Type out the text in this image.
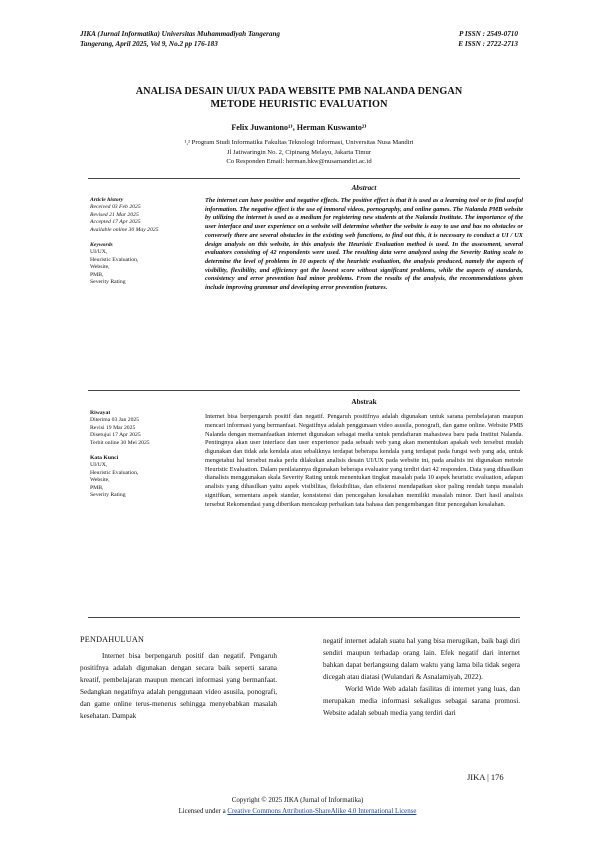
JIKA (Jurnal Informatika) Universitas Muhammadiyah Tangerang	P ISSN : 2549-0710
Tangerang, April 2025, Vol 9, No.2 pp 176-183	E ISSN : 2722-2713
ANALISA DESAIN UI/UX PADA WEBSITE PMB NALANDA DENGAN
METODE HEURISTIC EVALUATION
Felix Juwantono¹⁾, Herman Kuswanto²⁾
¹,² Program Studi Informatika Fakultas Teknologi Informasi, Universitas Nusa Mandiri
Jl Jatiwaringin No. 2, Cipinang Melayu, Jakarta Timur
Co Responden Email: herman.hkw@nusamandiri.ac.id
Abstract
Article history
Received 03 Feb 2025
Revised 21 Mar 2025
Accepted 17 Apr 2025
Available online 30 May 2025
Keywords
UI/UX,
Heuristic Evaluation,
Website,
PMB,
Severity Rating
The internet can have positive and negative effects. The positive effect is that it is used as a learning tool or to find useful information. The negative effect is the use of immoral videos, pornography, and online games. The Nalanda PMB website by utilizing the internet is used as a medium for registering new students at the Nalanda Institute. The importance of the user interface and user experience on a website will determine whether the website is easy to use and has no obstacles or conversely there are several obstacles in the existing web functions, to find out this, it is necessary to conduct a UI / UX design analysis on this website, in this analysis the Heuristic Evaluation method is used. In the assessment, several evaluators consisting of 42 respondents were used. The resulting data were analyzed using the Severity Rating scale to determine the level of problems in 10 aspects of the heuristic evaluation, the analysis produced, namely the aspects of visibility, flexibility, and efficiency got the lowest score without significant problems, while the aspects of standards, consistency and error prevention had minor problems. From the results of the analysis, the recommendations given include improving grammar and developing error prevention features.
Abstrak
Riwayat
Diterima 03 Jan 2025
Revisi 19 Mar 2025
Disetujui 17 Apr 2025
Terbit online 30 Mei 2025
Kata Kunci
UI/UX,
Heuristic Evaluation,
Website,
PMB,
Severity Rating
Internet bisa berpengaruh positif dan negatif. Pengaruh positifnya adalah digunakan untuk sarana pembelajaran maupun mencari informasi yang bermanfaat. Negatifnya adalah penggunaan video asusila, ponografi, dan game online. Website PMB Nalanda dengan memanfaatkan internet digunakan sebagai media untuk pendaftaran mahasiswa baru pada Institut Nalanda. Pentingnya akan user interface dan user experience pada sebuah web yang akan menentukan apakah web tersebut mudah digunakan dan tidak ada kendala atau sebaliknya terdapat beberapa kendala yang terdapat pada fungsi web yang ada, untuk mengetahui hal tersebut maka perlu dilakukan analisis desain UI/UX pada website ini, pada analisis ini digunakan metode Heuristic Evaluation. Dalam penilaiannya digunakan beberapa evaluator yang terdiri dari 42 responden. Data yang dihasilkan dianalisis menggunakan skala Severity Rating untuk menentukan tingkat masalah pada 10 aspek heuristic evaluation, adapun analisis yang dihasilkan yaitu aspek visibilitas, fleksibilitas, dan efisiensi mendapatkan skor paling rendah tanpa masalah signifikan, sementara aspek standar, konsistensi dan pencegahan kesalahan memiliki masalah minor. Dari hasil analisis tersebut Rekomendasi yang diberikan mencakup perbaikan tata bahasa dan pengembangan fitur pencegahan kesalahan.
PENDAHULUAN

Internet bisa berpengaruh positif dan negatif. Pengaruh positifnya adalah digunakan dengan secara baik seperti sarana kreatif, pembelajaran maupun mencari informasi yang bermanfaat. Sedangkan negatifnya adalah penggunaan video asusila, ponografi, dan game online terus-menerus sehingga menyebabkan masalah kesehatan. Dampak

negatif internet adalah suatu hal yang bisa merugikan, baik bagi diri sendiri maupun terhadap orang lain. Efek negatif dari internet bahkan dapat berlangsung dalam waktu yang lama bila tidak segera dicegah atau diatasi (Wulandari & Asnalamiyah, 2022).

World Wide Web adalah fasilitas di internet yang luas, dan merupakan media informasi sekaligus sebagai sarana promosi. Website adalah sebuah media yang terdiri dari

JIKA | 176
Copyright © 2025 JIKA (Jurnal of Informatika)
Licensed under a Creative Commons Attribution-ShareAlike 4.0 International License
